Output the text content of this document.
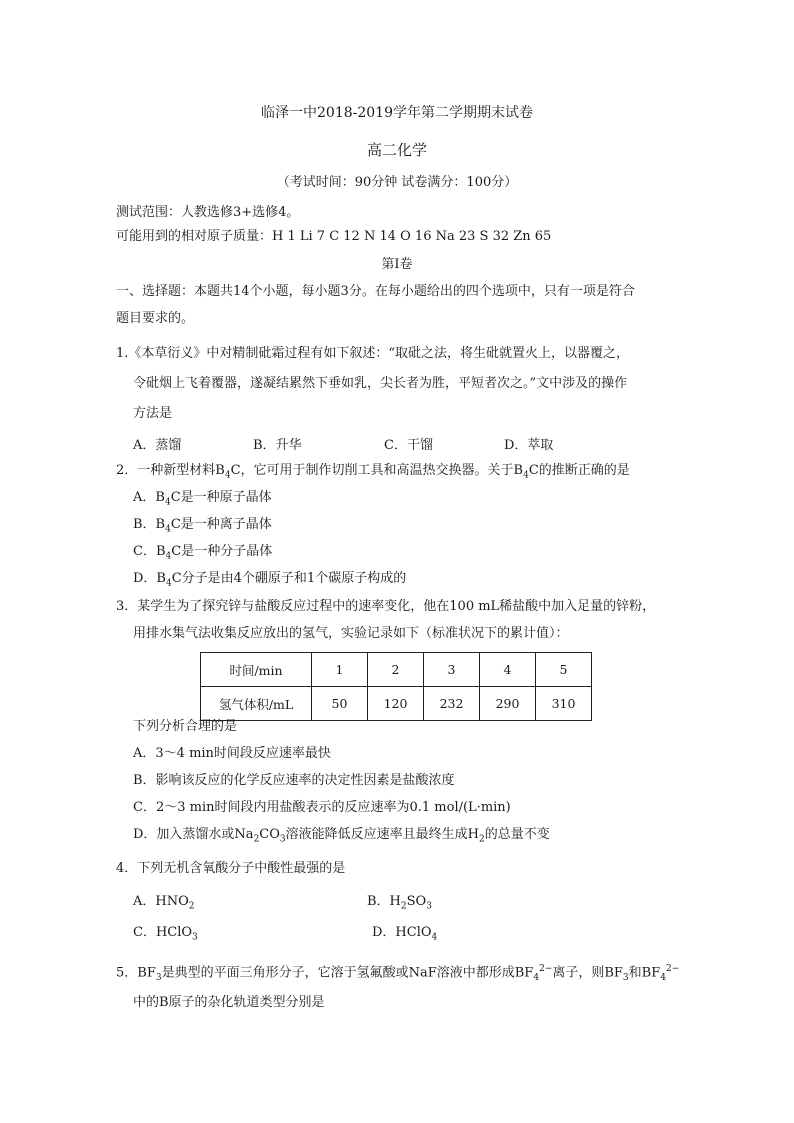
临泽一中2018-2019学年第二学期期末试卷
高二化学
（考试时间：90分钟 试卷满分：100分）
测试范围：人教选修3+选修4。
可能用到的相对原子质量：H 1 Li 7 C 12 N 14 O 16 Na 23 S 32 Zn 65
第Ⅰ卷
一、选择题：本题共14个小题，每小题3分。在每小题给出的四个选项中，只有一项是符合
题目要求的。
1.《本草衍义》中对精制砒霜过程有如下叙述：“取砒之法，将生砒就置火上，以器覆之，
令砒烟上飞着覆器，遂凝结累然下垂如乳，尖长者为胜，平短者次之。”文中涉及的操作
方法是
A．蒸馏	B．升华	C．干馏	D．萃取
2．一种新型材料$B_4C$，它可用于制作切削工具和高温热交换器。关于$B_4C$的推断正确的是
A．$B_4C$是一种原子晶体
B．$B_4C$是一种离子晶体
C．$B_4C$是一种分子晶体
D．$B_4C$分子是由4个硼原子和1个碳原子构成的
3．某学生为了探究锌与盐酸反应过程中的速率变化，他在100 mL稀盐酸中加入足量的锌粉，
用排水集气法收集反应放出的氢气，实验记录如下（标准状况下的累计值）：
时间/min	1	2	3	4	5
氢气体积/mL	50	120	232	290	310
下列分析合理的是
A．3～4 min时间段反应速率最快
B．影响该反应的化学反应速率的决定性因素是盐酸浓度
C．2～3 min时间段内用盐酸表示的反应速率为0.1 mol/(L·min)
D．加入蒸馏水或$Na_2CO_3$溶液能降低反应速率且最终生成$H_2$的总量不变
4．下列无机含氧酸分子中酸性最强的是
A．$HNO_2$	B．$H_2SO_3$
C．HClO$_3$	D．HClO$_4$
5．$BF_3$是典型的平面三角形分子，它溶于氢氟酸或NaF溶液中都形成$BF_4^{2-}$离子，则$BF_3$和$BF_4^{2-}$
中的B原子的杂化轨道类型分别是
